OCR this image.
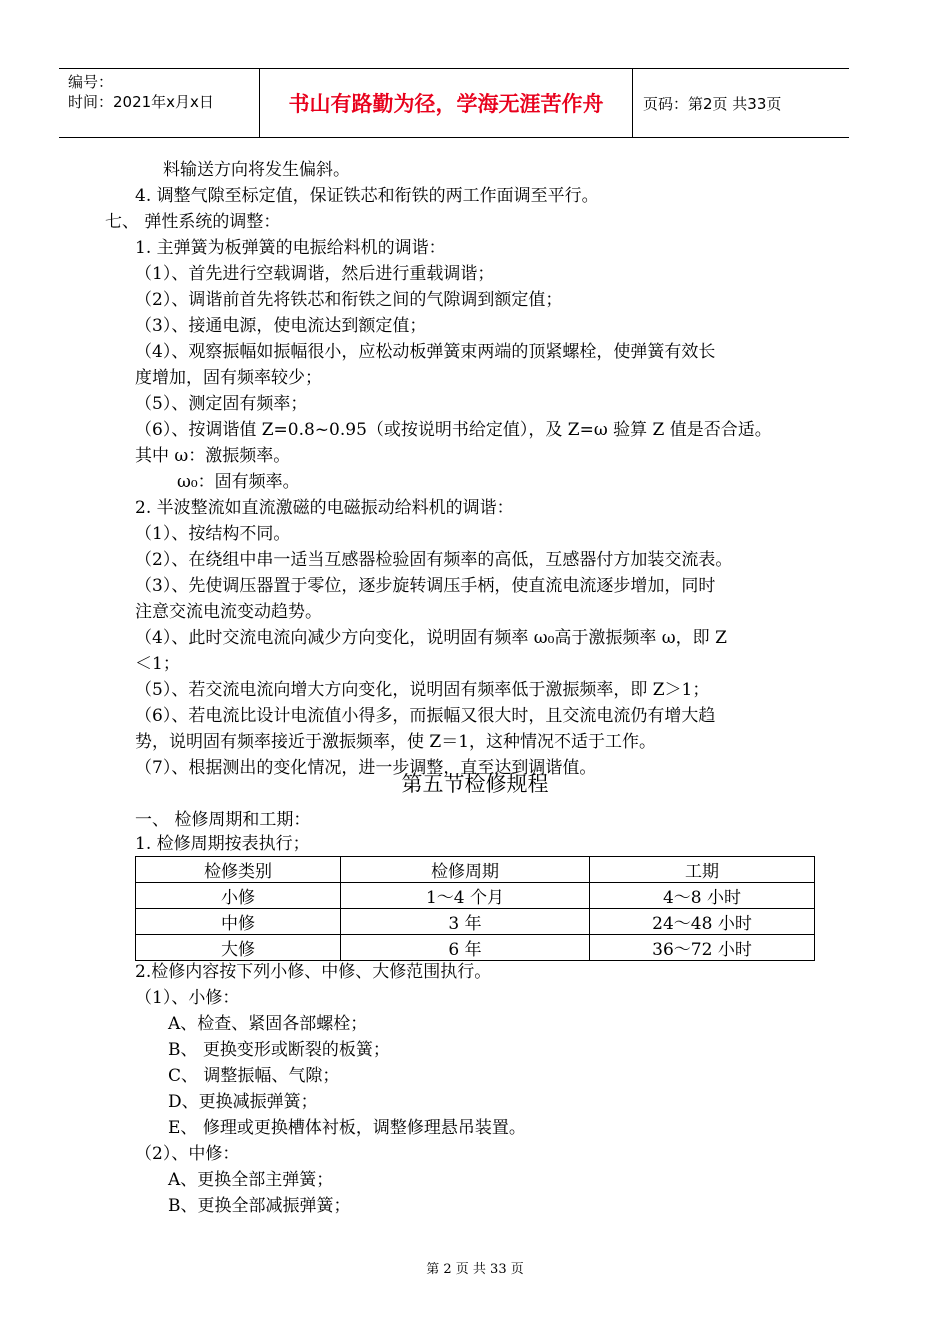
编号：
时间：2021年x月x日	书山有路勤为径，学海无涯苦作舟	页码：第2页 共33页
料输送方向将发生偏斜。
4. 调整气隙至标定值，保证铁芯和衔铁的两工作面调至平行。
七、 弹性系统的调整：
1. 主弹簧为板弹簧的电振给料机的调谐：
（1）、首先进行空载调谐，然后进行重载调谐；
（2）、调谐前首先将铁芯和衔铁之间的气隙调到额定值；
（3）、接通电源，使电流达到额定值；
（4）、观察振幅如振幅很小，应松动板弹簧束两端的顶紧螺栓，使弹簧有效长
度增加，固有频率较少；
（5）、测定固有频率；
（6）、按调谐值 Z=0.8~0.95（或按说明书给定值），及 Z=ω 验算 Z 值是否合适。
其中 ω：激振频率。
ω₀：固有频率。
2. 半波整流如直流激磁的电磁振动给料机的调谐：
（1）、按结构不同。
（2）、在绕组中串一适当互感器检验固有频率的高低，互感器付方加装交流表。
（3）、先使调压器置于零位，逐步旋转调压手柄，使直流电流逐步增加，同时
注意交流电流变动趋势。
（4）、此时交流电流向减少方向变化，说明固有频率 ω₀高于激振频率 ω，即 Z
＜1；
（5）、若交流电流向增大方向变化，说明固有频率低于激振频率，即 Z＞1；
（6）、若电流比设计电流值小得多，而振幅又很大时，且交流电流仍有增大趋
势，说明固有频率接近于激振频率，使 Z＝1，这种情况不适于工作。
（7）、根据测出的变化情况，进一步调整，直至达到调谐值。
第五节检修规程
一、 检修周期和工期：
1. 检修周期按表执行；
检修类别	检修周期	工期
小修	1～4 个月	4～8 小时
中修	3 年	24～48 小时
大修	6 年	36～72 小时
2.检修内容按下列小修、中修、大修范围执行。
（1）、小修：
A、检查、紧固各部螺栓；
B、 更换变形或断裂的板簧；
C、 调整振幅、气隙；
D、更换减振弹簧；
E、 修理或更换槽体衬板，调整修理悬吊装置。
（2）、中修：
A、更换全部主弹簧；
B、更换全部减振弹簧；
第 2 页 共 33 页
